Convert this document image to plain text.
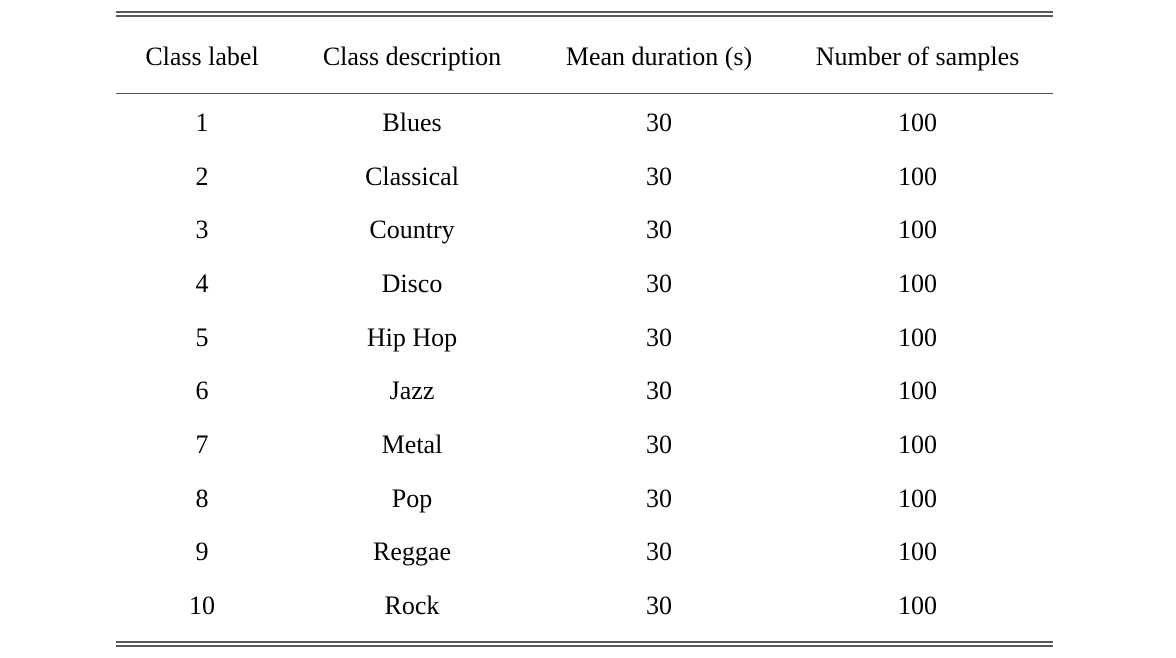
Class label	Class description	Mean duration (s)	Number of samples
1	Blues	30	100
2	Classical	30	100
3	Country	30	100
4	Disco	30	100
5	Hip Hop	30	100
6	Jazz	30	100
7	Metal	30	100
8	Pop	30	100
9	Reggae	30	100
10	Rock	30	100
